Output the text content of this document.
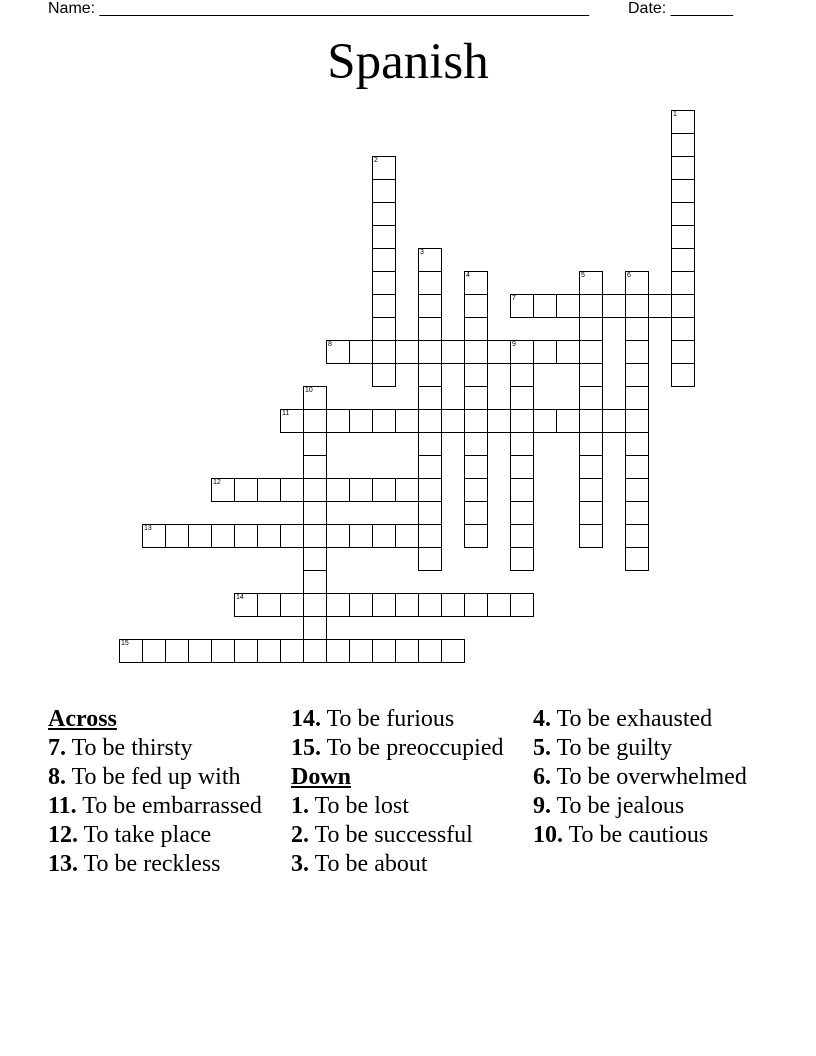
Name: _______________________________________________________ Date: _______
Spanish
1
2
3
4	5	6
7
8	9
10
11
12
13
14
15
Across

7. To be thirsty

8. To be fed up with

11. To be embarrassed

12. To take place

13. To be reckless

14. To be furious

15. To be preoccupied

Down

1. To be lost

2. To be successful

3. To be about

4. To be exhausted

5. To be guilty

6. To be overwhelmed

9. To be jealous

10. To be cautious
